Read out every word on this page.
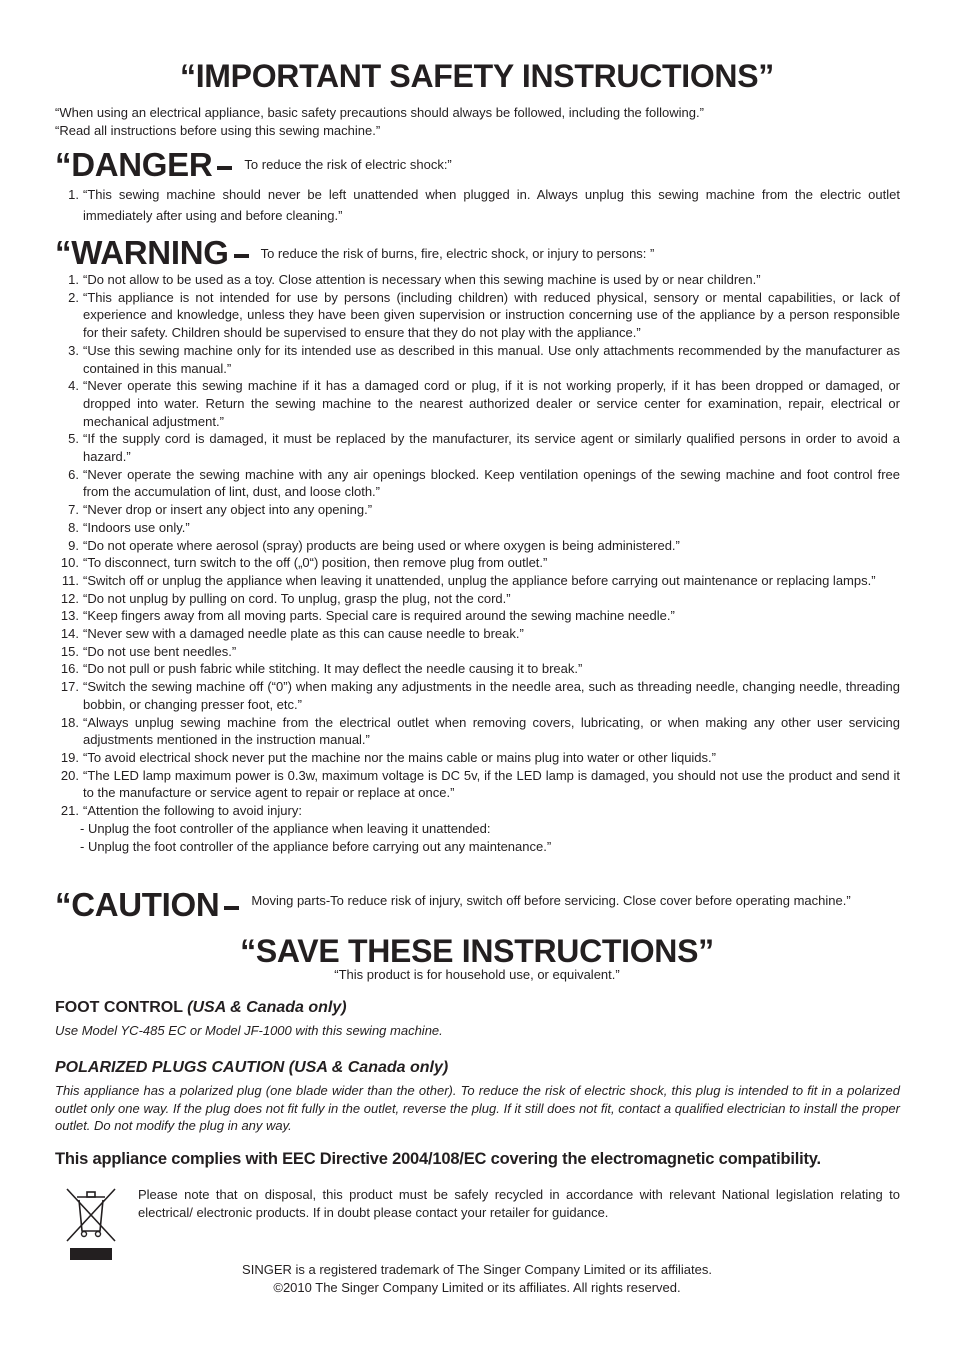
“IMPORTANT SAFETY INSTRUCTIONS”
“When using an electrical appliance, basic safety precautions should always be followed, including the following.”
“Read all instructions before using this sewing machine.”
“DANGER To reduce the risk of electric shock:”
1. “This sewing machine should never be left unattended when plugged in. Always unplug this sewing machine from the electric outlet immediately after using and before cleaning.”
“WARNING To reduce the risk of burns, fire, electric shock, or injury to persons: ”
1. “Do not allow to be used as a toy. Close attention is necessary when this sewing machine is used by or near children.”
2. “This appliance is not intended for use by persons (including children) with reduced physical, sensory or mental capabilities, or lack of experience and knowledge, unless they have been given supervision or instruction concerning use of the appliance by a person responsible for their safety. Children should be supervised to ensure that they do not play with the appliance.”
3. “Use this sewing machine only for its intended use as described in this manual. Use only attachments recommended by the manufacturer as contained in this manual.”
4. “Never operate this sewing machine if it has a damaged cord or plug, if it is not working properly, if it has been dropped or damaged, or dropped into water. Return the sewing machine to the nearest authorized dealer or service center for examination, repair, electrical or mechanical adjustment.”
5. “If the supply cord is damaged, it must be replaced by the manufacturer, its service agent or similarly qualified persons in order to avoid a hazard.”
6. “Never operate the sewing machine with any air openings blocked. Keep ventilation openings of the sewing machine and foot control free from the accumulation of lint, dust, and loose cloth.”
7. “Never drop or insert any object into any opening.”
8. “Indoors use only.”
9. “Do not operate where aerosol (spray) products are being used or where oxygen is being administered.”
10. “To disconnect, turn switch to the off („0“) position, then remove plug from outlet.”
11. “Switch off or unplug the appliance when leaving it unattended, unplug the appliance before carrying out maintenance or replacing lamps.”
12. “Do not unplug by pulling on cord. To unplug, grasp the plug, not the cord.”
13. “Keep fingers away from all moving parts. Special care is required around the sewing machine needle.”
14. “Never sew with a damaged needle plate as this can cause needle to break.”
15. “Do not use bent needles.”
16. “Do not pull or push fabric while stitching. It may deflect the needle causing it to break.”
17. “Switch the sewing machine off (“0”) when making any adjustments in the needle area, such as threading needle, changing needle, threading bobbin, or changing presser foot, etc.”
18. “Always unplug sewing machine from the electrical outlet when removing covers, lubricating, or when making any other user servicing adjustments mentioned in the instruction manual.”
19. “To avoid electrical shock never put the machine nor the mains cable or mains plug into water or other liquids.”
20. “The LED lamp maximum power is 0.3w, maximum voltage is DC 5v, if the LED lamp is damaged, you should not use the product and send it to the manufacture or service agent to repair or replace at once.”
21. “Attention the following to avoid injury:
- Unplug the foot controller of the appliance when leaving it unattended:
- Unplug the foot controller of the appliance before carrying out any maintenance.”
“CAUTION Moving parts-To reduce risk of injury, switch off before servicing. Close cover before operating machine.”
“SAVE THESE INSTRUCTIONS”
“This product is for household use, or equivalent.”
FOOT CONTROL (USA & Canada only)
Use Model YC-485 EC or Model JF-1000 with this sewing machine.
POLARIZED PLUGS CAUTION (USA & Canada only)
This appliance has a polarized plug (one blade wider than the other). To reduce the risk of electric shock, this plug is intended to fit in a polarized outlet only one way. If the plug does not fit fully in the outlet, reverse the plug. If it still does not fit, contact a qualified electrician to install the proper outlet. Do not modify the plug in any way.
This appliance complies with EEC Directive 2004/108/EC covering the electromagnetic compatibility.
Please note that on disposal, this product must be safely recycled in accordance with relevant National legislation relating to electrical/ electronic products. If in doubt please contact your retailer for guidance.
SINGER is a registered trademark of The Singer Company Limited or its affiliates.
©2010 The Singer Company Limited or its affiliates. All rights reserved.
